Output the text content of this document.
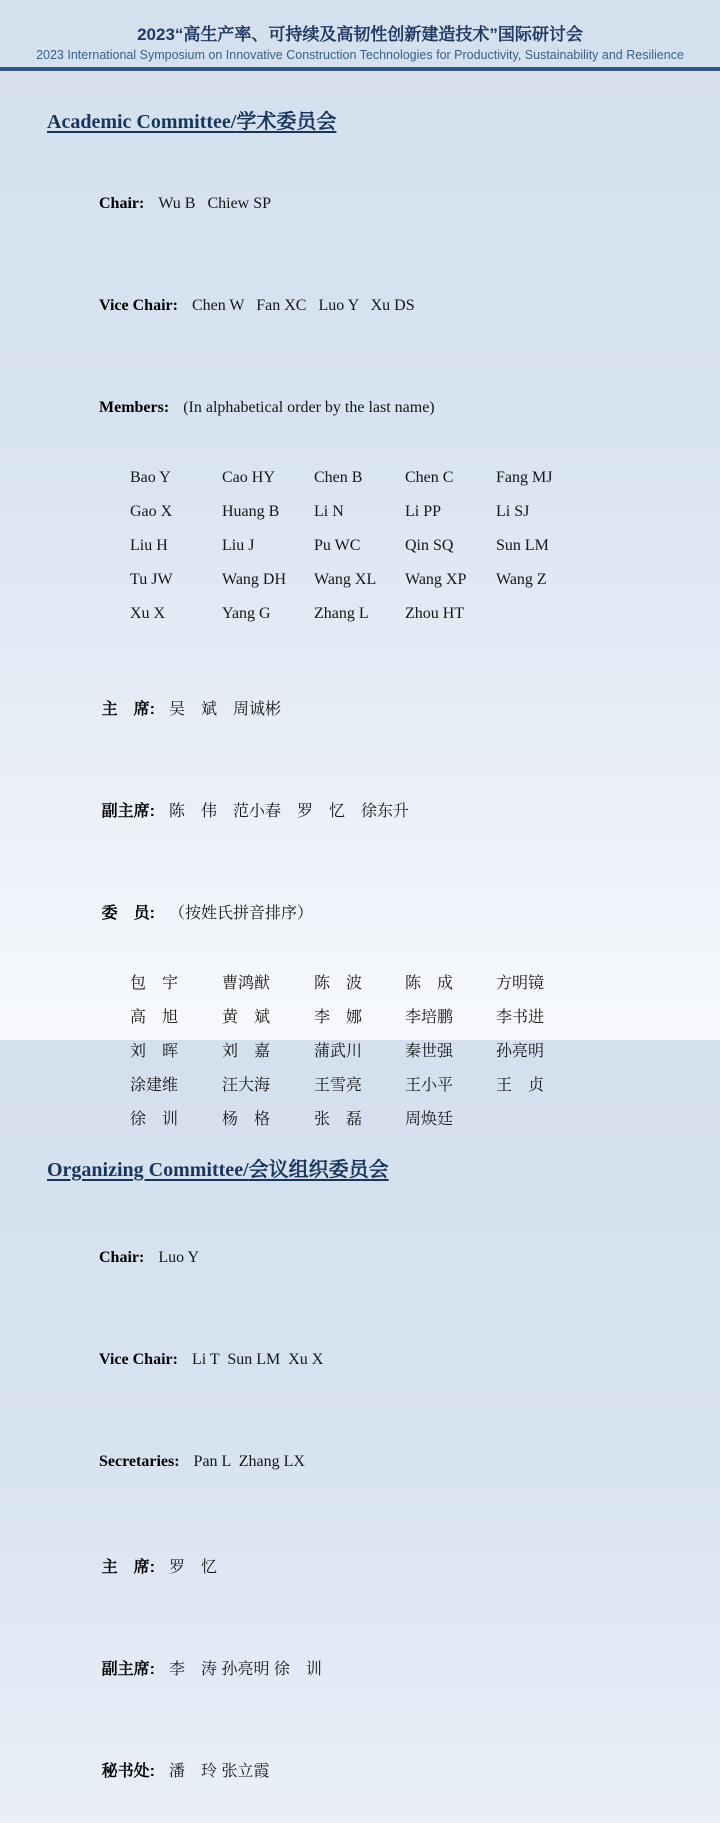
2023“高生产率、可持续及高韧性创新建造技术”国际研讨会
2023 International Symposium on Innovative Construction Technologies for Productivity, Sustainability and Resilience
Academic Committee/学术委员会

Chair: Wu B   Chiew SP

Vice Chair: Chen W   Fan XC   Luo Y   Xu DS

Members: (In alphabetical order by the last name)

Bao Y	Cao HY	Chen B	Chen C	Fang MJ
Gao X	Huang B	Li N	Li PP	Li SJ
Liu H	Liu J	Pu WC	Qin SQ	Sun LM
Tu JW	Wang DH	Wang XL	Wang XP	Wang Z
Xu X	Yang G	Zhang L	Zhou HT

主　席: 吴　斌　周诚彬

副主席: 陈　伟　范小春　罗　忆　徐东升

委　员: （按姓氏拼音排序）

包　宇	曹鸿猷	陈　波	陈　成	方明镜
高　旭	黄　斌	李　娜	李培鹏	李书进
刘　晖	刘　嘉	蒲武川	秦世强	孙亮明
涂建维	汪大海	王雪亮	王小平	王　贞
徐　训	杨　格	张　磊	周焕廷
Organizing Committee/会议组织委员会

Chair: Luo Y

Vice Chair: Li T  Sun LM  Xu X

Secretaries: Pan L  Zhang LX

主　席: 罗　忆

副主席: 李　涛 孙亮明 徐　训

秘书处: 潘　玲 张立霞
